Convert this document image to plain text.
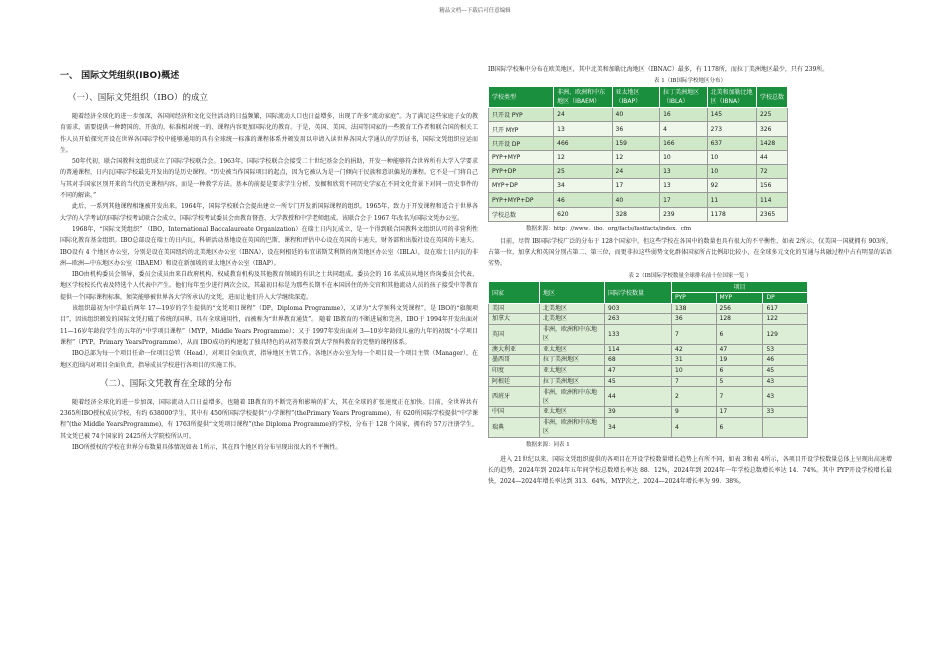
精品文档---下载后可任意编辑
一、 国际文凭组织(IBO)概述
（一）、国际文凭组织（IBO）的成立

随着经济全球化的进一步加深，各国间经济和文化交往活动的日益频繁，国际流动人口也日益增多，出现了许多“流动家庭”。为了满足这些家庭子女的教育需求，需要提供一种跨国的、开放的、标准相对统一的、课程内容更加国际化的教育。于是，英国、美国、法国等国家的一些教育工作者和联合国的相关工作人员开始探究开设在世界各国际学校中能够通用的具有全球统一标准的课程体系并颁发用以申请入读世界各国大学通认的学历证书，国际文凭组织应运而生。

50年代初，联合国教科文组织成立了国际学校联合会。1963年，国际学校联合会接受二十世纪基金会的捐助，开发一种能够符合世界所有大学入学要求的普通课程，日内瓦国际学校最先开发出的是历史课程。“历史被当作国际项目的起点，因为它被认为是一门倾向于民族和意识偏见的课程。它不是一门将自己与其对手国家区别开来的当代历史课程内容，而是一种教学方法。基本的前提是要求学生分析、发掘和欣赏不同历史学家在不同文化背景下对同一历史事件的不同的解读。”

此后，一系列其他课程相继被开发出来。1964年，国际学校联合会提出建立一所专门开发新国际课程的组织。1965年，致力于开发课程和适合于世界各大学的入学考试的国际学校考试联合会成立，国际学校考试委员会由教育督查、大学教授和中学老师组成。该联合会于 1967 年改名为国际文凭办公室。

1968年，“国际文凭组织” （IBO，International Baccalaureate Organization）在瑞士日内瓦成立，是一个得到联合国教科文组织认可的非营利性国际化教育基金组织。IBO总部设在瑞士的日内瓦，科研活动基地设在英国的巴斯，课程和评估中心设在英国的卡迪夫，财务部和出版社设在英国的卡迪夫。IBO设有 4 个地区办公室，分别是设在美国纽约的北美地区办公室（IBNA），设在阿根廷的布宜诺斯艾利斯的南美地区办公室（IBLA），设在瑞士日内瓦的非洲—欧洲—中东地区办公室（IBAEM）和设在新加坡的亚太地区办公室（IBAP）。

IBO由机构委员会领导，委员会成员由来自政府机构、权威教育机构及其他教育领域的有识之士共同组成。委员会的 16 名成员从地区咨询委员会代表、地区学校校长代表及特选个人代表中产生。他们每年至少进行两次会议，其最初目标是为那些长期不在本国居住的外交官和其他流动人员的孩子接受中等教育提供一个国际课程标准，须笑能够被世界各大学所承认的文凭，进而让他们升入大学继续深造。

该组织最初为中学最后两年 17—19岁的学生提供的“文凭项目课程”（DP，Diploma Programme），又译为“大学预科文凭课程”，是 IBO的“旗舰项目”，因该组织颁发的国际文凭打破了传统的国界，具有全球通用性，而被称为“世界教育通货”。 随着 IB教育的不断进展和完善，IBO于 1994年开发出面对 11—16岁年龄段学生的五年的“中学项目课程”（MYP，Middle Years Programme）；又于 1997年发出面对 3—10岁年龄段儿童的九年的初级“小学项目课程”（PYP，Primary YearsProgramme），从而 IBO成功的构建起了独具特色的从初等教育到大学预科教育的完整的课程体系。

IBO总部为每一个项目任命一位项目总管（Head），对项目全面负责，指导地区主管工作。各地区办公室为每一个项目设一个项目主管（Manager），在地区范围内对项目全面负责，指导成员学校进行各项目的实施工作。

（二）、国际文凭教育在全球的分布

随着经济全球化的进一步加深，国际流动人口日益增多，也随着 IB教育的不断完善和影响的扩大，其在全球的扩张速度正在加快。目前，全世界共有 2365所IBO授权成员学校，有约 638000学生，其中有 450所国际学校提供“小学课程”(thePrimary Years Programme)，有 620所国际学校提供“中学课程”(the Middle YearsProgramme)，有 1763所提供“文凭项目课程”(the Diploma Programme)的学校，分布于 128 个国家，拥有约 57万注册学生，其文凭已被 74个国家的 2425所大学院校所认可。

IBO所授权的学校在世界分布数量具体情况如表 1所示，其在四个地区的分布呈现出很大的不平衡性。

IB国际学校集中分布在欧美地区，其中北美和加勒比海地区（IBNAC）最多，有 1178所，而拉丁美洲地区最少，只有 239所。

表 1（IB国际学校地区分布）
学校类型	非洲、欧洲和中东地区（IBAEM）	亚太地区（IBAP）	拉丁美洲地区（IBLA）	北美和加勒比地区（IBNA）	学校总数
只开设 PYP	24	40	16	145	225
只开 MYP	13	36	4	273	326
只开设 DP	466	159	166	637	1428
PYP+MYP	12	12	10	10	44
PYP+DP	25	24	13	10	72
MYP+DP	34	17	13	92	156
PYP+MYP+DP	46	40	17	11	114
学校总数	620	328	239	1178	2365
数据来源：http：//www．ibo．org/facts/fastfacts/index．cfm

目前，尽管 IB国际学校广泛的分布于 128个国家中，但这些学校在各国中的数量也具有很大的不平衡性，如表 2所示，仅美国一国就拥有 903所，占第一位，加拿大和英国分别占第二、第三位，而更非拉这些弱势文化群体国家所占比例却比较小，在全球多元文化的互通与共融过程中占有明显的话语劣势。

表 2（IB国际学校数量全球排名前十位国家一览 ）
国家	地区	国际学校数量	项目		
			PYP	MYP	DP
美国	北美地区	903	138	256	617
加拿大	北美地区	263	36	128	122
英国	非洲，欧洲和中东地区	133	7	6	129
澳大利亚	亚太地区	114	42	47	53
墨西哥	拉丁美洲地区	68	31	19	46
印度	亚太地区	47	10	6	45
阿根廷	拉丁美洲地区	45	7	5	43
西班牙	非洲，欧洲和中东地区	44	2	7	43
中国	亚太地区	39	9	17	33
瑞典	非洲，欧洲和中东地区	34	4	6	
数据来源：同表 1

进入 21世纪以来，国际文凭组织提供的各项目在开设学校数量增长趋势上有所不同，如表 3和表 4所示，各项目开设学校数量总体上呈现出高速增长的趋势，2024年到 2024年五年间学校总数增长率达 88．12%，2024年到 2024年一年学校总数增长率达 14．74%。其中 PYP开设学校增长最快，2024—2024年增长率达到 313．64%，MYP次之，2024—2024年增长率为 99．38%。
